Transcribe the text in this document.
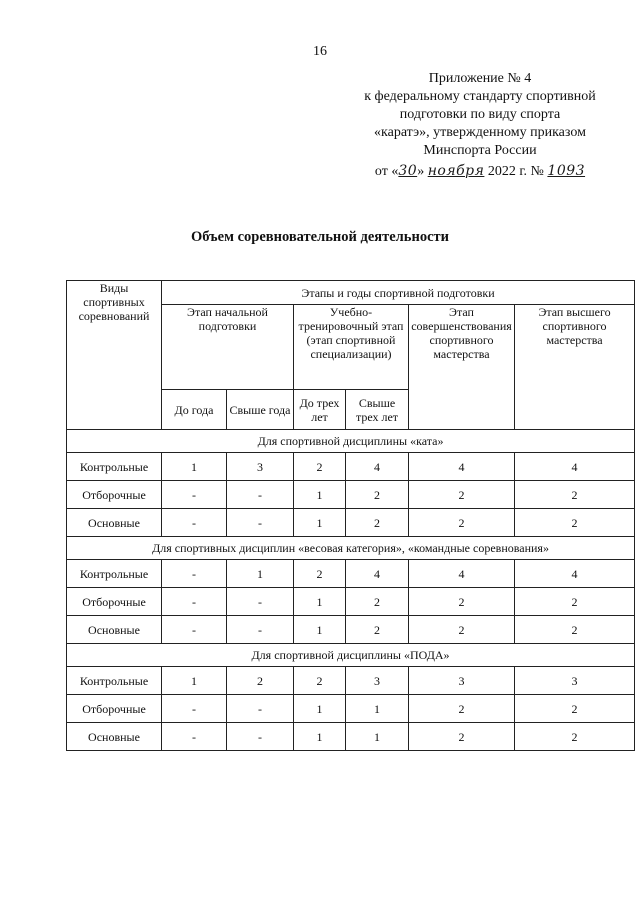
16
Приложение № 4
к федеральному стандарту спортивной
подготовки по виду спорта
«каратэ», утвержденному приказом
Минспорта России
от «30» ноября 2022 г. № 1093
Объем соревновательной деятельности
Виды спортивных соревнований	Этапы и годы спортивной подготовки					
	Этап начальной подготовки		Учебно-тренировочный этап (этап спортивной специализации)		Этап совершенствования спортивного мастерства	Этап высшего спортивного мастерства
	До года	Свыше года	До трех лет	Свыше трех лет		
Для спортивной дисциплины «ката»						
Контрольные	1	3	2	4	4	4
Отборочные	-	-	1	2	2	2
Основные	-	-	1	2	2	2
Для спортивных дисциплин «весовая категория», «командные соревнования»						
Контрольные	-	1	2	4	4	4
Отборочные	-	-	1	2	2	2
Основные	-	-	1	2	2	2
Для спортивной дисциплины «ПОДА»						
Контрольные	1	2	2	3	3	3
Отборочные	-	-	1	1	2	2
Основные	-	-	1	1	2	2
